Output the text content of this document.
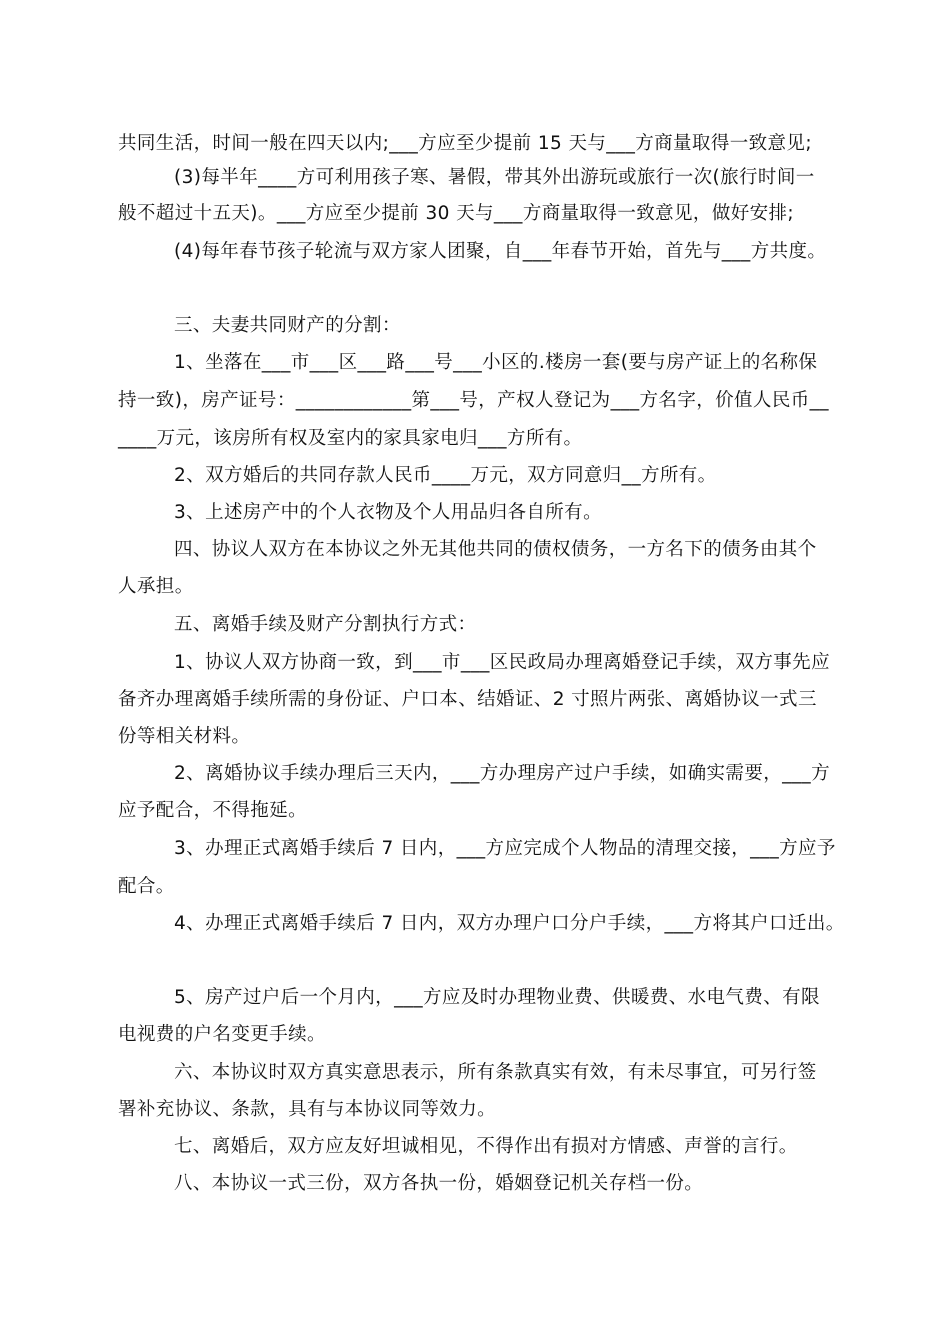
共同生活，时间一般在四天以内;___方应至少提前 15 天与___方商量取得一致意见;
(3)每半年____方可利用孩子寒、暑假，带其外出游玩或旅行一次(旅行时间一
般不超过十五天)。___方应至少提前 30 天与___方商量取得一致意见，做好安排;
(4)每年春节孩子轮流与双方家人团聚，自___年春节开始，首先与___方共度。
三、夫妻共同财产的分割：
1、坐落在___市___区___路___号___小区的.楼房一套(要与房产证上的名称保
持一致)，房产证号：____________第___号，产权人登记为___方名字，价值人民币__
____万元，该房所有权及室内的家具家电归___方所有。
2、双方婚后的共同存款人民币____万元，双方同意归__方所有。
3、上述房产中的个人衣物及个人用品归各自所有。
四、协议人双方在本协议之外无其他共同的债权债务，一方名下的债务由其个
人承担。
五、离婚手续及财产分割执行方式：
1、协议人双方协商一致，到___市___区民政局办理离婚登记手续，双方事先应
备齐办理离婚手续所需的身份证、户口本、结婚证、2 寸照片两张、离婚协议一式三
份等相关材料。
2、离婚协议手续办理后三天内，___方办理房产过户手续，如确实需要，___方
应予配合，不得拖延。
3、办理正式离婚手续后 7 日内，___方应完成个人物品的清理交接，___方应予
配合。
4、办理正式离婚手续后 7 日内，双方办理户口分户手续，___方将其户口迁出。
5、房产过户后一个月内，___方应及时办理物业费、供暖费、水电气费、有限
电视费的户名变更手续。
六、本协议时双方真实意思表示，所有条款真实有效，有未尽事宜，可另行签
署补充协议、条款，具有与本协议同等效力。
七、离婚后，双方应友好坦诚相见，不得作出有损对方情感、声誉的言行。
八、本协议一式三份，双方各执一份，婚姻登记机关存档一份。
